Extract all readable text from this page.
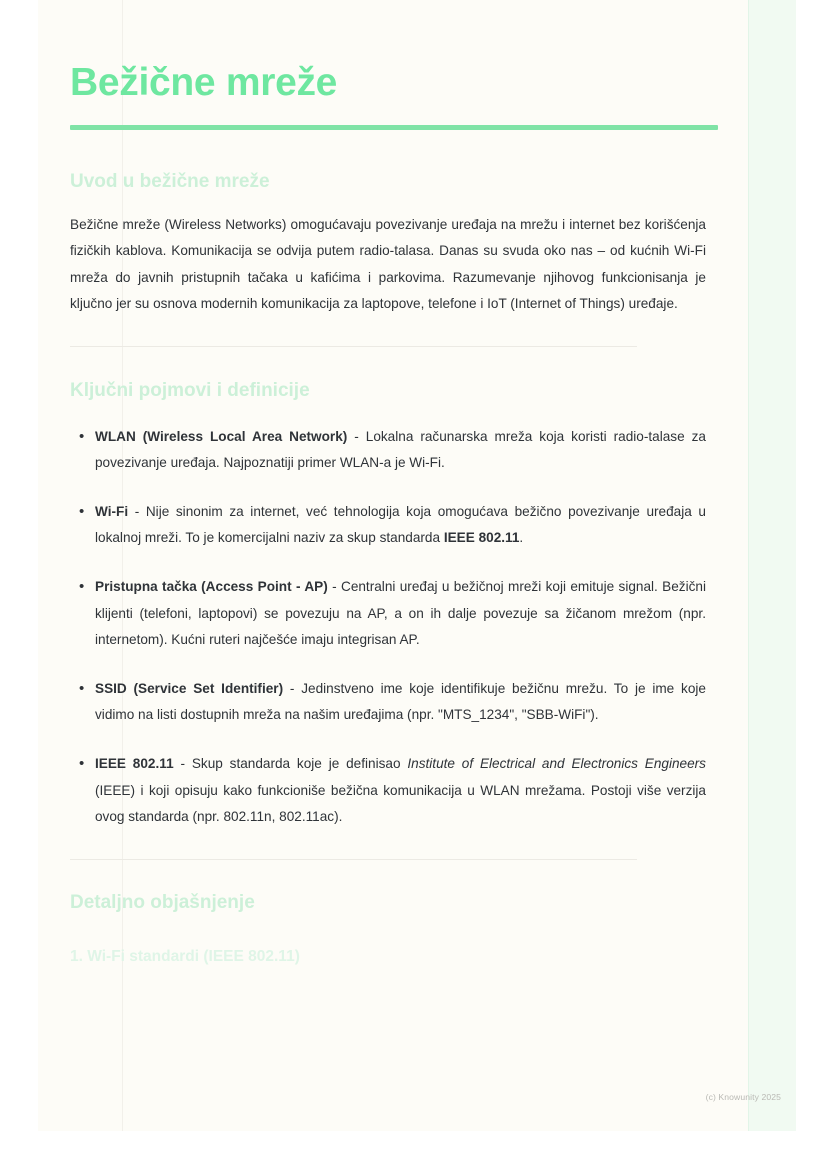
Bežične mreže
Uvod u bežične mreže

Bežične mreže (Wireless Networks) omogućavaju povezivanje uređaja na mrežu i internet bez korišćenja fizičkih kablova. Komunikacija se odvija putem radio-talasa. Danas su svuda oko nas – od kućnih Wi-Fi mreža do javnih pristupnih tačaka u kafićima i parkovima. Razumevanje njihovog funkcionisanja je ključno jer su osnova modernih komunikacija za laptopove, telefone i IoT (Internet of Things) uređaje.

Ključni pojmovi i definicije
• WLAN (Wireless Local Area Network) - Lokalna računarska mreža koja koristi radio-talase za povezivanje uređaja. Najpoznatiji primer WLAN-a je Wi-Fi.
• Wi-Fi - Nije sinonim za internet, već tehnologija koja omogućava bežično povezivanje uređaja u lokalnoj mreži. To je komercijalni naziv za skup standarda IEEE 802.11.
• Pristupna tačka (Access Point - AP) - Centralni uređaj u bežičnoj mreži koji emituje signal. Bežični klijenti (telefoni, laptopovi) se povezuju na AP, a on ih dalje povezuje sa žičanom mrežom (npr. internetom). Kućni ruteri najčešće imaju integrisan AP.
• SSID (Service Set Identifier) - Jedinstveno ime koje identifikuje bežičnu mrežu. To je ime koje vidimo na listi dostupnih mreža na našim uređajima (npr. "MTS_1234", "SBB-WiFi").
• IEEE 802.11 - Skup standarda koje je definisao Institute of Electrical and Electronics Engineers (IEEE) i koji opisuju kako funkcioniše bežična komunikacija u WLAN mrežama. Postoji više verzija ovog standarda (npr. 802.11n, 802.11ac).
Detaljno objašnjenje
1. Wi-Fi standardi (IEEE 802.11)
(c) Knowunity 2025
